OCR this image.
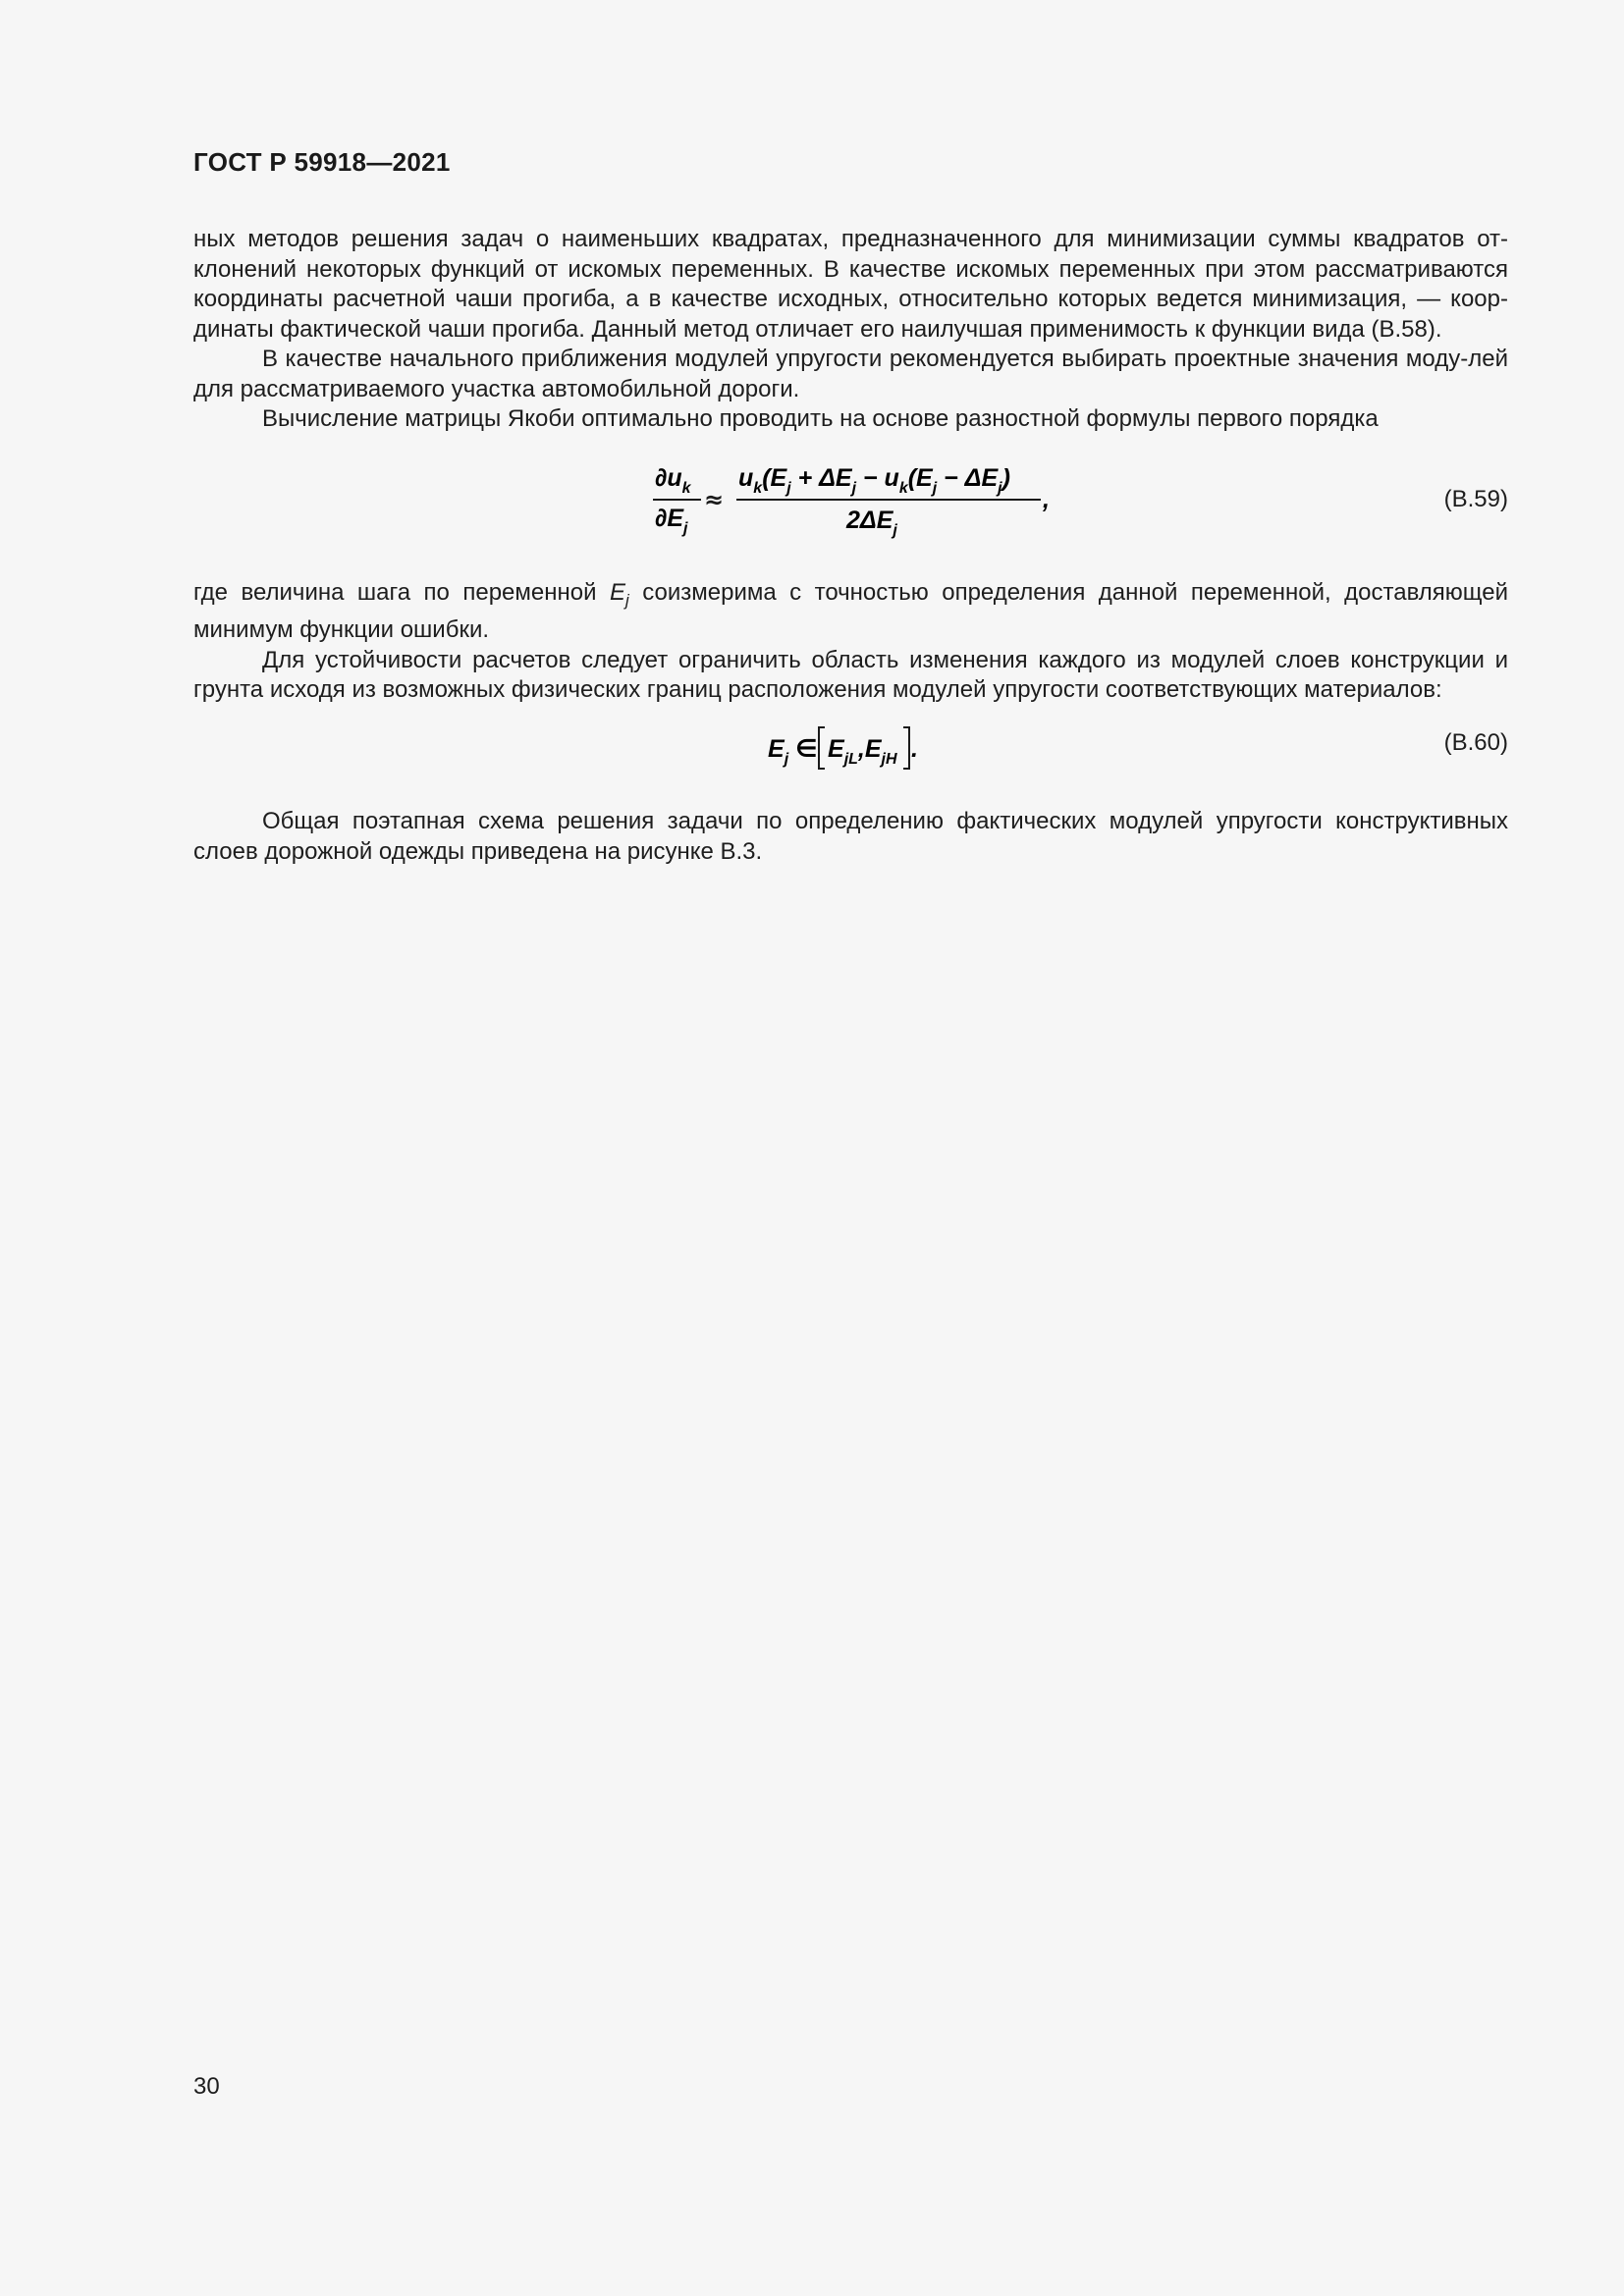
ГОСТ Р 59918—2021

ных методов решения задач о наименьших квадратах, предназначенного для минимизации суммы квадратов от-клонений некоторых функций от искомых переменных. В качестве искомых переменных при этом рассматриваются координаты расчетной чаши прогиба, а в качестве исходных, относительно которых ведется минимизация, — коор-динаты фактической чаши прогиба. Данный метод отличает его наилучшая применимость к функции вида (В.58).

В качестве начального приближения модулей упругости рекомендуется выбирать проектные значения моду-лей для рассматриваемого участка автомобильной дороги.

Вычисление матрицы Якоби оптимально проводить на основе разностной формулы первого порядка

$\partial u_k$
$\partial E_j$
≈
$u_k(E_j + \Delta E_j - u_k(E_j - \Delta E_j)$
$2\Delta E_j$
,	(В.59)

где величина шага по переменной $E_j$ соизмерима с точностью определения данной переменной, доставляющей минимум функции ошибки.

Для устойчивости расчетов следует ограничить область изменения каждого из модулей слоев конструкции и грунта исходя из возможных физических границ расположения модулей упругости соответствующих материалов:

$E_j$ ∈ $E_{jL},E_{jH}$ .	(В.60)

Общая поэтапная схема решения задачи по определению фактических модулей упругости конструктивных слоев дорожной одежды приведена на рисунке В.3.

30
